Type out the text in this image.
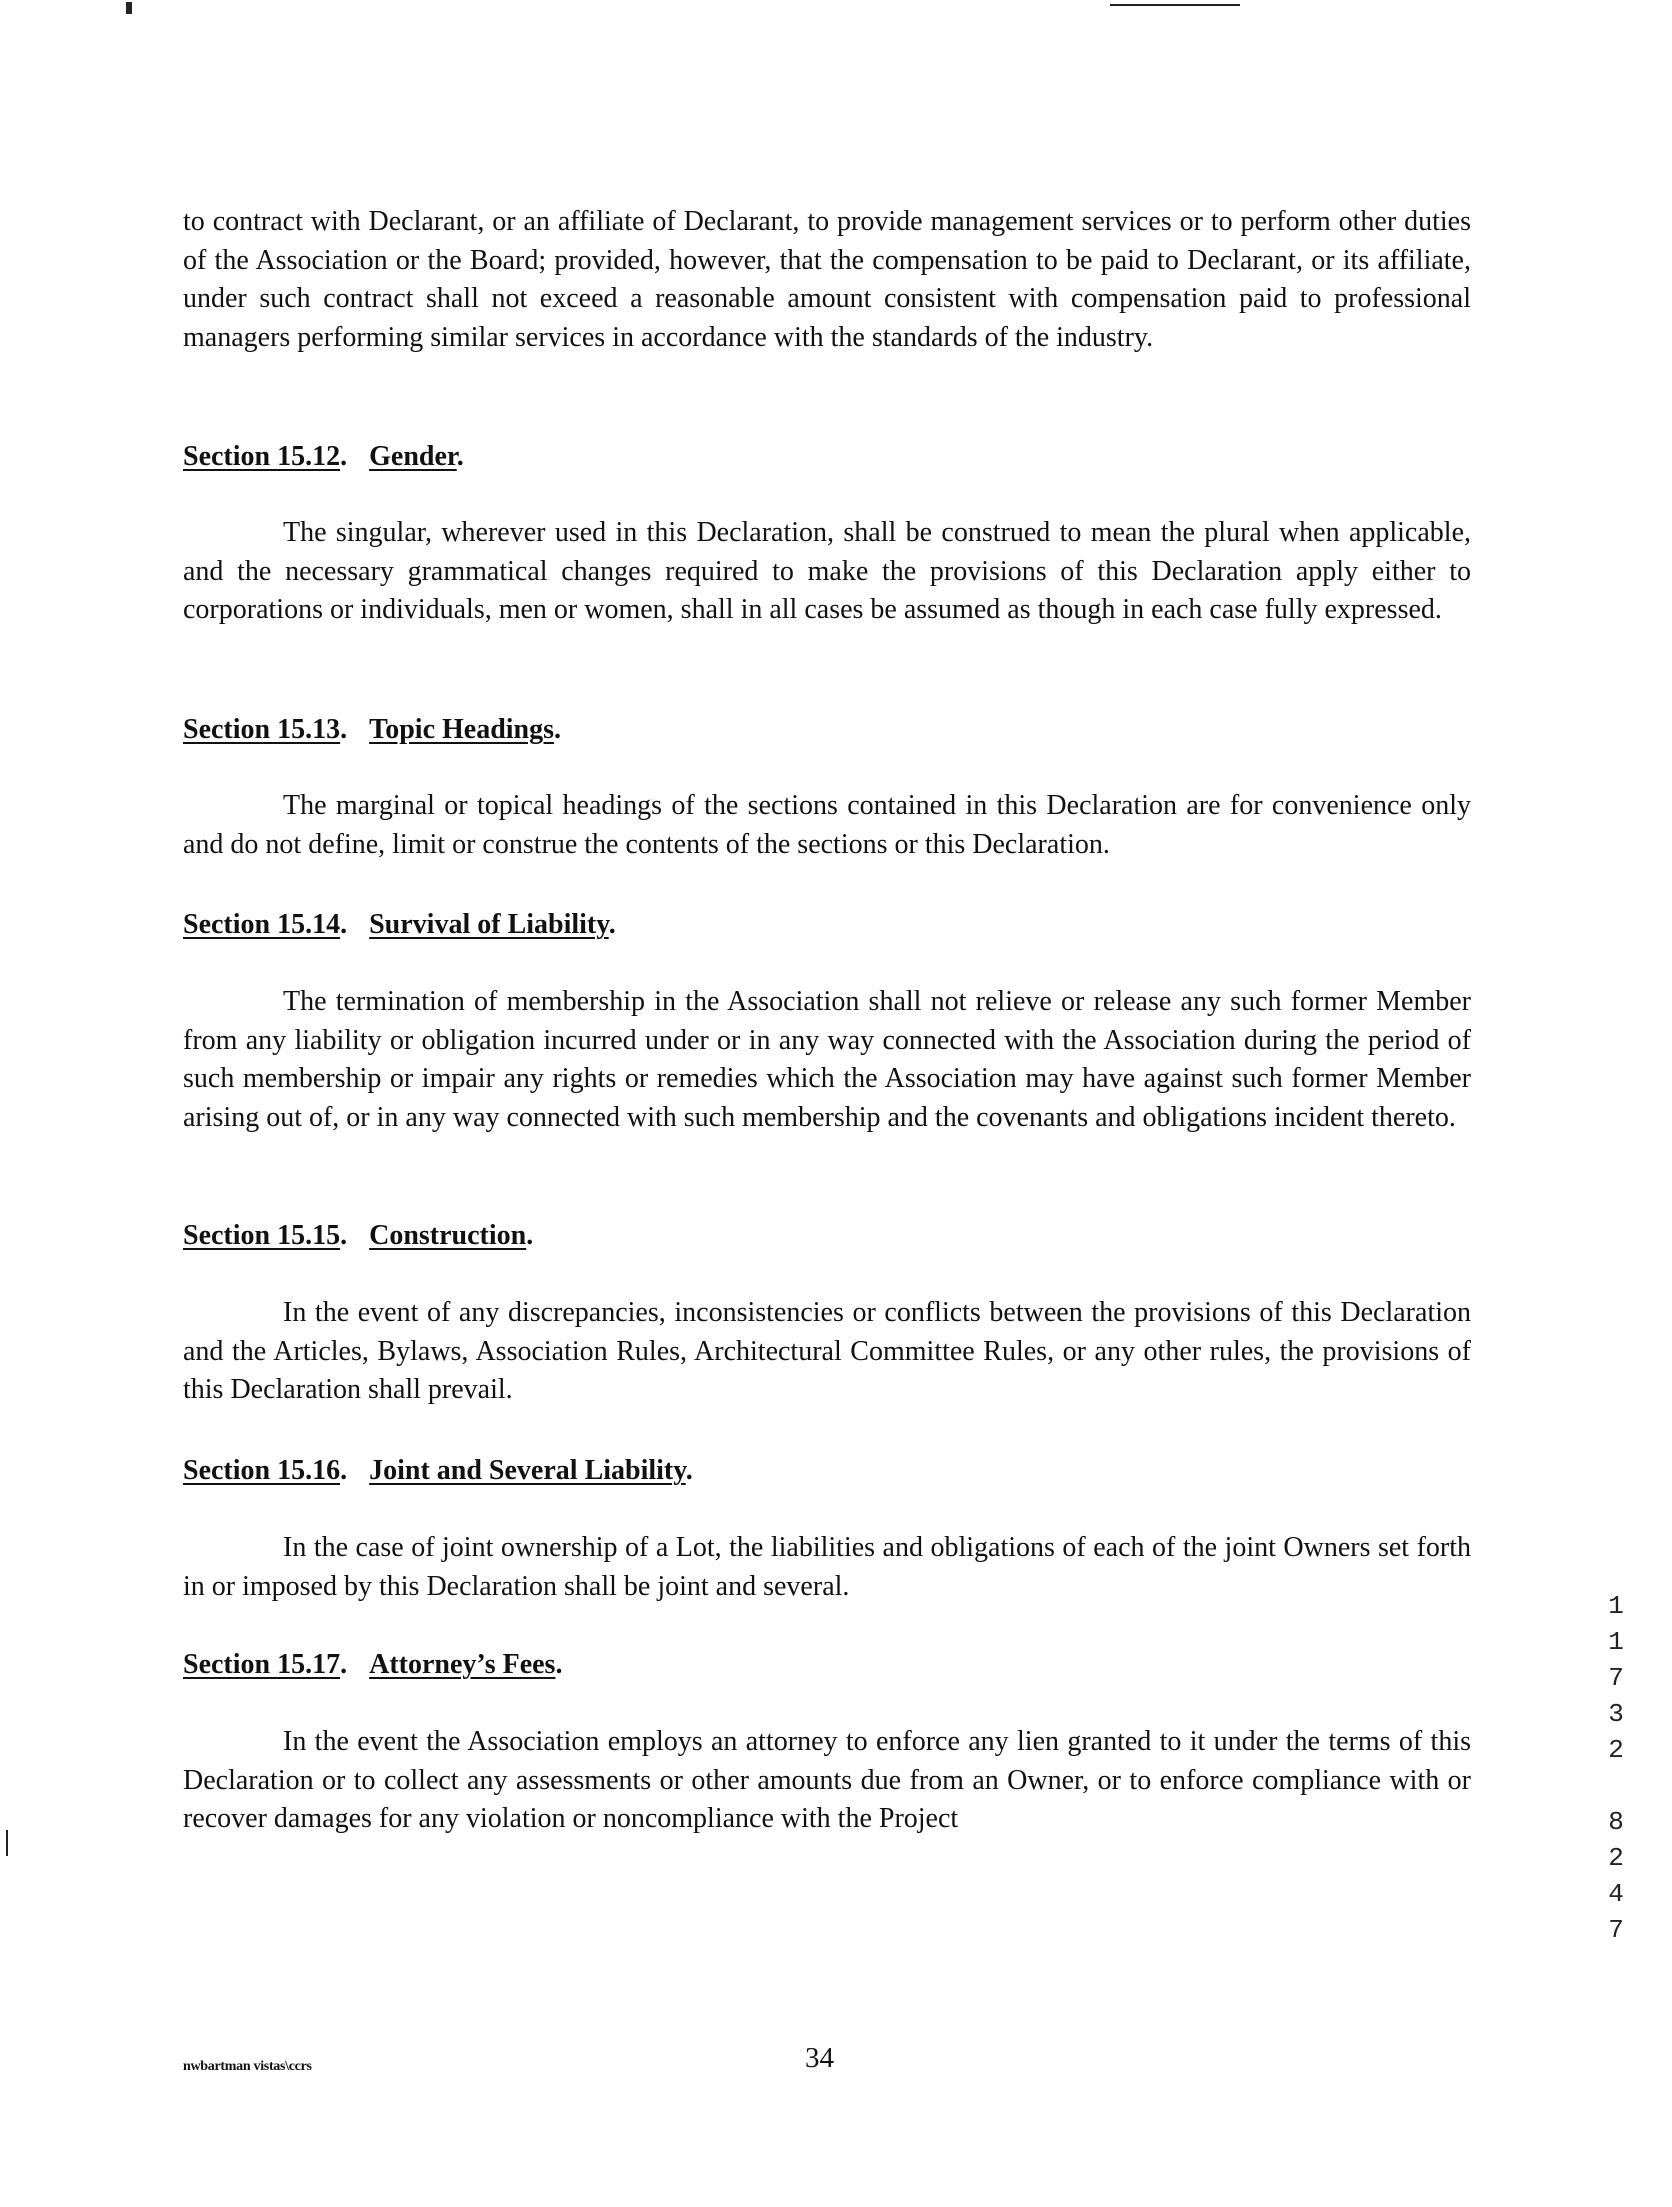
to contract with Declarant, or an affiliate of Declarant, to provide management services or to perform other duties of the Association or the Board; provided, however, that the compensation to be paid to Declarant, or its affiliate, under such contract shall not exceed a reasonable amount consistent with compensation paid to professional managers performing similar services in accordance with the standards of the industry.

Section 15.12. Gender.

The singular, wherever used in this Declaration, shall be construed to mean the plural when applicable, and the necessary grammatical changes required to make the provisions of this Declaration apply either to corporations or individuals, men or women, shall in all cases be assumed as though in each case fully expressed.

Section 15.13. Topic Headings.

The marginal or topical headings of the sections contained in this Declaration are for convenience only and do not define, limit or construe the contents of the sections or this Declaration.

Section 15.14. Survival of Liability.

The termination of membership in the Association shall not relieve or release any such former Member from any liability or obligation incurred under or in any way connected with the Association during the period of such membership or impair any rights or remedies which the Association may have against such former Member arising out of, or in any way connected with such membership and the covenants and obligations incident thereto.

Section 15.15. Construction.

In the event of any discrepancies, inconsistencies or conflicts between the provisions of this Declaration and the Articles, Bylaws, Association Rules, Architectural Committee Rules, or any other rules, the provisions of this Declaration shall prevail.

Section 15.16. Joint and Several Liability.

In the case of joint ownership of a Lot, the liabilities and obligations of each of the joint Owners set forth in or imposed by this Declaration shall be joint and several.

Section 15.17. Attorney’s Fees.

In the event the Association employs an attorney to enforce any lien granted to it under the terms of this Declaration or to collect any assessments or other amounts due from an Owner, or to enforce compliance with or recover damages for any violation or noncompliance with the Project

1
1
7
3
2
8
2
4
7
nwbartman vistas\ccrs	34
